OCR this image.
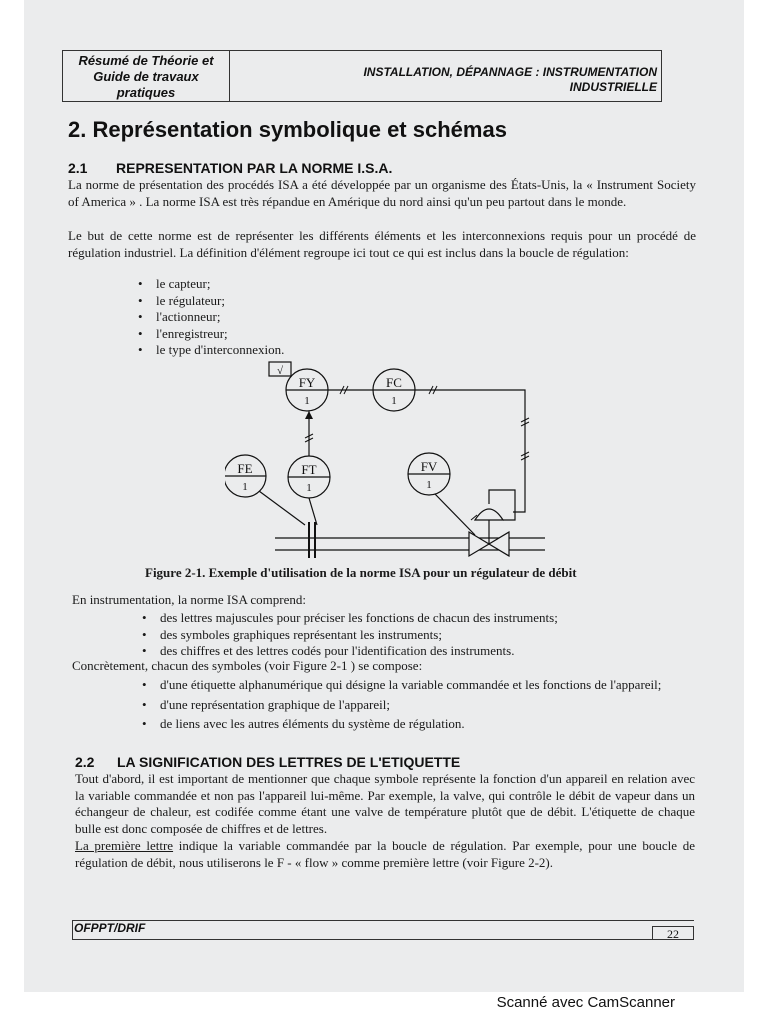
Résumé de Théorie et
Guide de travaux
pratiques
INSTALLATION, DÉPANNAGE : INSTRUMENTATION
INDUSTRIELLE
2. Représentation symbolique et schémas
2.1 REPRESENTATION PAR LA NORME I.S.A.
La norme de présentation des procédés ISA a été développée par un organisme des États-Unis, la « Instrument Society of America » . La norme ISA est très répandue en Amérique du nord ainsi qu'un peu partout dans le monde.
Le but de cette norme est de représenter les différents éléments et les interconnexions requis pour un procédé de régulation industriel. La définition d'élément regroupe ici tout ce qui est inclus dans la boucle de régulation:
• le capteur;
• le régulateur;
• l'actionneur;
• l'enregistreur;
• le type d'interconnexion.
√
FY
1
FC
1
FE
1
FT
1
FV
1
Figure 2-1. Exemple d'utilisation de la norme ISA pour un régulateur de débit
En instrumentation, la norme ISA comprend:
• des lettres majuscules pour préciser les fonctions de chacun des instruments;
• des symboles graphiques représentant les instruments;
• des chiffres et des lettres codés pour l'identification des instruments.
Concrètement, chacun des symboles (voir Figure 2-1 ) se compose:
• d'une étiquette alphanumérique qui désigne la variable commandée et les fonctions de l'appareil;
• d'une représentation graphique de l'appareil;
• de liens avec les autres éléments du système de régulation.
2.2 LA SIGNIFICATION DES LETTRES DE L'ETIQUETTE
Tout d'abord, il est important de mentionner que chaque symbole représente la fonction d'un appareil en relation avec la variable commandée et non pas l'appareil lui-même. Par exemple, la valve, qui contrôle le débit de vapeur dans un échangeur de chaleur, est codifée comme étant une valve de température plutôt que de débit. L'étiquette de chaque bulle est donc composée de chiffres et de lettres.
La première lettre indique la variable commandée par la boucle de régulation. Par exemple, pour une boucle de régulation de débit, nous utiliserons le F - « flow » comme première lettre (voir Figure 2-2).
OFPPT/DRIF	22
Scanné avec CamScanner
